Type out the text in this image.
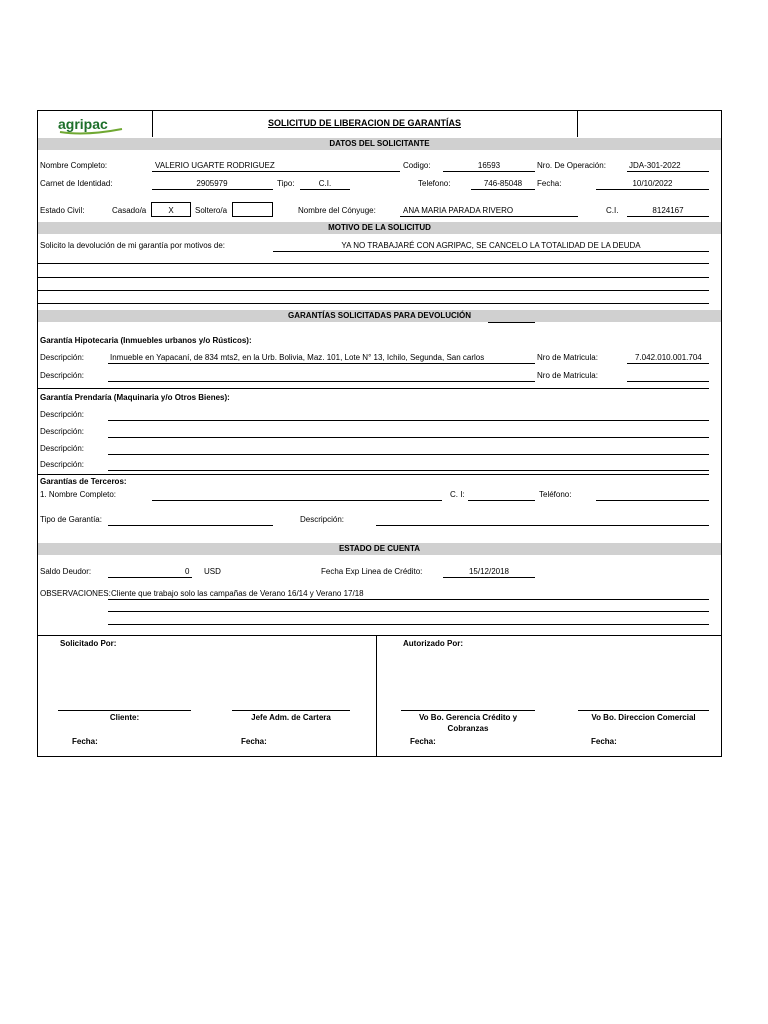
agripac	SOLICITUD DE LIBERACION DE GARANTÍAS
DATOS DEL SOLICITANTE
Nombre Completo:	VALERIO UGARTE RODRIGUEZ	Codigo:	16593	Nro. De Operación:	JDA-301-2022
Carnet de Identidad:	2905979	Tipo:	C.I.	Telefono:	746-85048	Fecha:	10/10/2022
Estado Civil:	Casado/a	X	Soltero/a	Nombre del Cónyuge:	ANA MARIA PARADA RIVERO	C.I.	8124167
MOTIVO DE LA SOLICITUD
Solicito la devolución de mi garantía por motivos de:	YA NO TRABAJARÉ CON AGRIPAC, SE CANCELO LA TOTALIDAD DE LA DEUDA
GARANTÍAS SOLICITADAS PARA DEVOLUCIÓN
Garantía Hipotecaria (Inmuebles urbanos y/o Rústicos):
Descripción:	Inmueble en Yapacaní, de 834 mts2, en la Urb. Bolivia, Maz. 101, Lote N° 13, Ichilo, Segunda, San carlos	Nro de Matricula:	7.042.010.001.704
Descripción:	Nro de Matricula:
Garantía Prendaría (Maquinaria y/o Otros Bienes):
Descripción:
Descripción:
Descripción:
Descripción:
Garantías de Terceros:
1. Nombre Completo:	C. I:	Teléfono:
Tipo de Garantía:	Descripción:
ESTADO DE CUENTA
Saldo Deudor:	0 USD	Fecha Exp Linea de Crédito:	15/12/2018
OBSERVACIONES: Cliente que trabajo solo las campañas de Verano 16/14 y Verano 17/18
Solicitado Por:	Autorizado Por:
Cliente:	Jefe Adm. de Cartera	Vo Bo. Gerencia Crédito y
Cobranzas
Vo Bo. Direccion Comercial
Fecha:	Fecha:	Fecha:	Fecha:
